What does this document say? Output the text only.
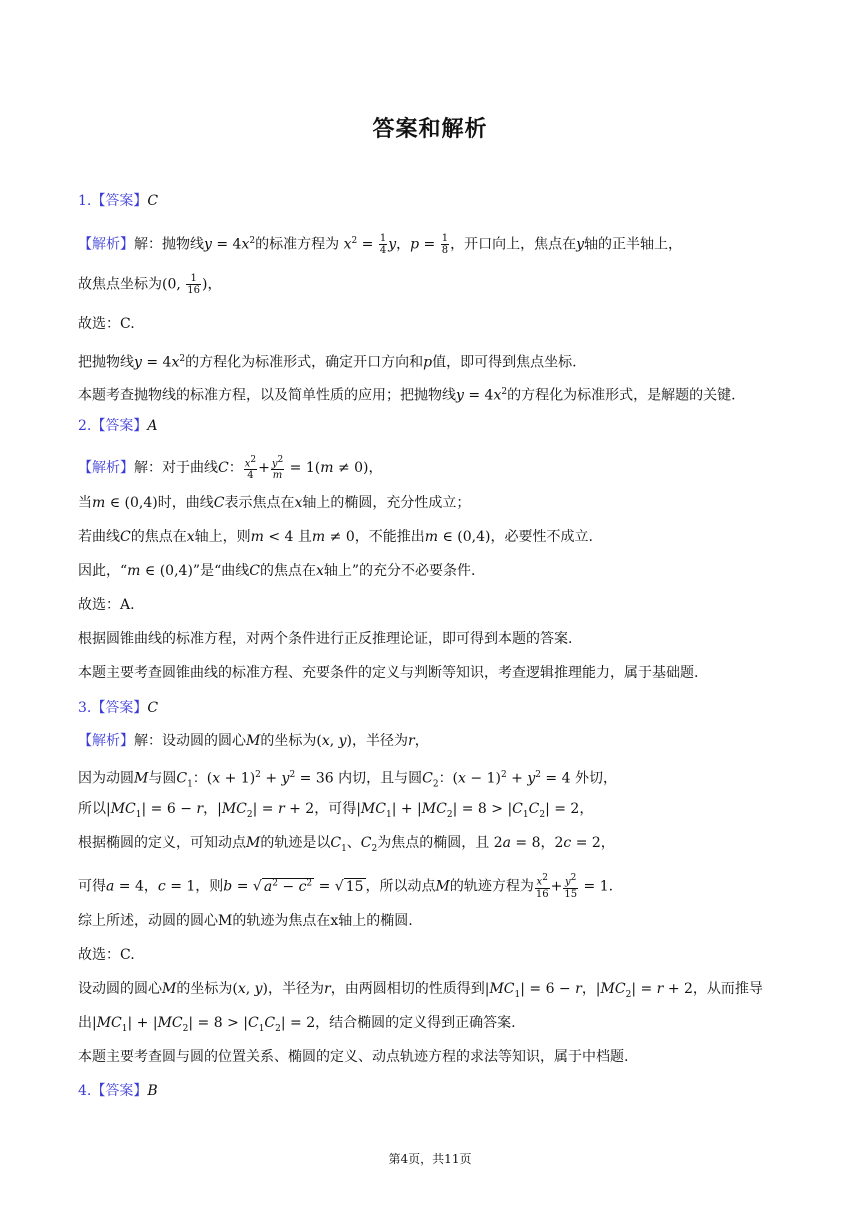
答案和解析
1.【答案】C
【解析】解：抛物线$y = 4x^2$的标准方程为 $x^2 = \frac{1}{4}$ y，$p = \frac{1}{8}$ ，开口向上，焦点在y轴的正半轴上，
故焦点坐标为(0, $\frac{1}{16}$ )，
故选：C.
把抛物线$y = 4x^2$的方程化为标准形式，确定开口方向和p值，即可得到焦点坐标.
本题考查抛物线的标准方程，以及简单性质的应用；把抛物线$y = 4x^2$的方程化为标准形式，是解题的关键.
2.【答案】A
【解析】解：对于曲线C： $\frac{x^2}{4} + \frac{y^2}{m} = 1(m \ne 0)$，
当m ∈ (0,4)时，曲线C表示焦点在x轴上的椭圆，充分性成立；
若曲线C的焦点在x轴上，则m < 4 且m ≠ 0，不能推出m ∈ (0,4)，必要性不成立.
因此，“m ∈ (0,4)”是“曲线C的焦点在x轴上”的充分不必要条件.
故选：A.
根据圆锥曲线的标准方程，对两个条件进行正反推理论证，即可得到本题的答案.
本题主要考查圆锥曲线的标准方程、充要条件的定义与判断等知识，考查逻辑推理能力，属于基础题.
3.【答案】C
【解析】解：设动圆的圆心M的坐标为(x, y)，半径为r，
因为动圆M与圆$C_1$：$(x + 1)^2 + y^2 = 36$ 内切，且与圆$C_2$：$(x - 1)^2 + y^2 = 4$ 外切，
所以$|MC_1| = 6 - r$，$|MC_2| = r + 2$，可得$|MC_1| + |MC_2| = 8 > |C_1C_2| = 2$，
根据椭圆的定义，可知动点M的轨迹是以$C_1$、$C_2$为焦点的椭圆，且 2a = 8，2c = 2，
可得a = 4，c = 1，则b = √ $a^2 - c^2$ = √ 15 ，所以动点M的轨迹方程为 $\frac{x^2}{16} + \frac{y^2}{15} = 1$.
综上所述，动圆的圆心M的轨迹为焦点在x轴上的椭圆.
故选：C.
设动圆的圆心M的坐标为(x, y)，半径为r，由两圆相切的性质得到$|MC_1| = 6 - r$，$|MC_2| = r + 2$，从而推导
出$|MC_1| + |MC_2| = 8 > |C_1C_2| = 2$，结合椭圆的定义得到正确答案.
本题主要考查圆与圆的位置关系、椭圆的定义、动点轨迹方程的求法等知识，属于中档题.
4.【答案】B
第4页，共11页
